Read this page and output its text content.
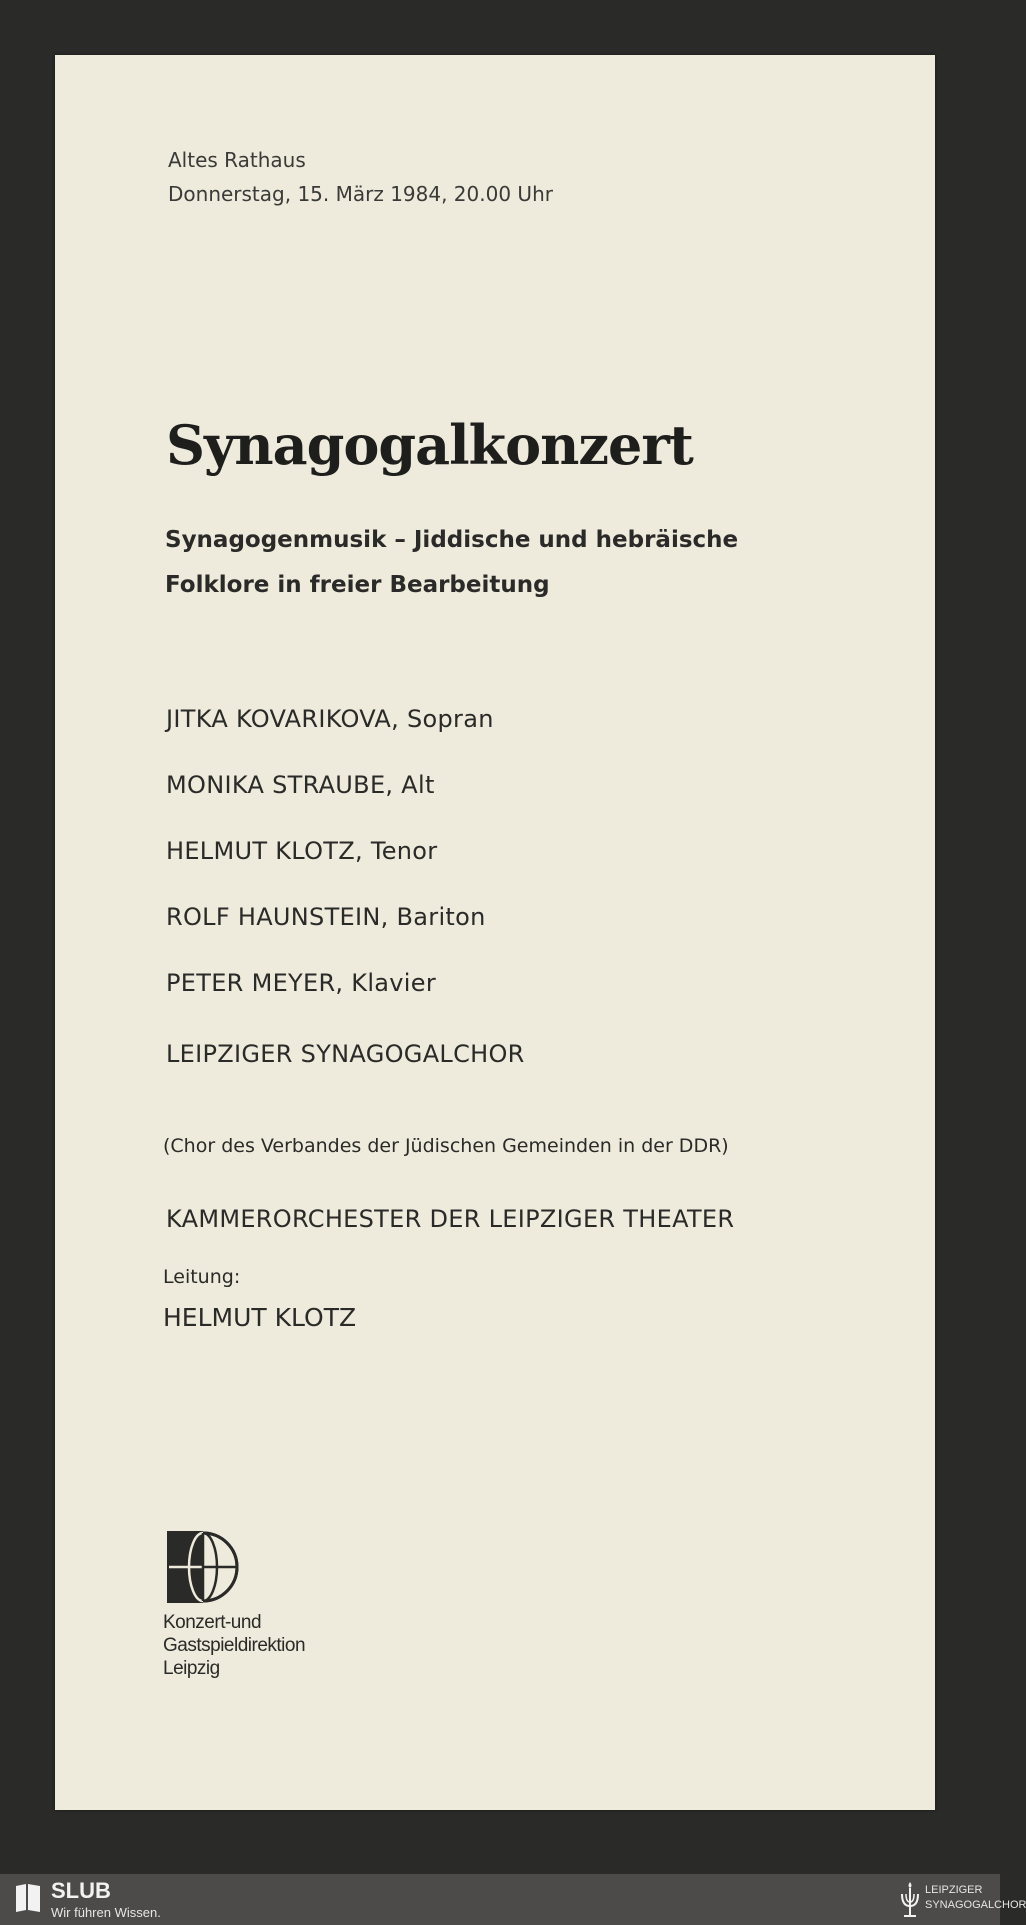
Altes Rathaus
Donnerstag, 15. März 1984, 20.00 Uhr
Synagogalkonzert
Synagogenmusik – Jiddische und hebräische
Folklore in freier Bearbeitung
JITKA KOVARIKOVA, Sopran
MONIKA STRAUBE, Alt
HELMUT KLOTZ, Tenor
ROLF HAUNSTEIN, Bariton
PETER MEYER, Klavier
LEIPZIGER SYNAGOGALCHOR
(Chor des Verbandes der Jüdischen Gemeinden in der DDR)
KAMMERORCHESTER DER LEIPZIGER THEATER
Leitung:
HELMUT KLOTZ
Konzert-und
Gastspieldirektion
Leipzig
SLUB
Wir führen Wissen.
LEIPZIGER
SYNAGOGALCHOR
